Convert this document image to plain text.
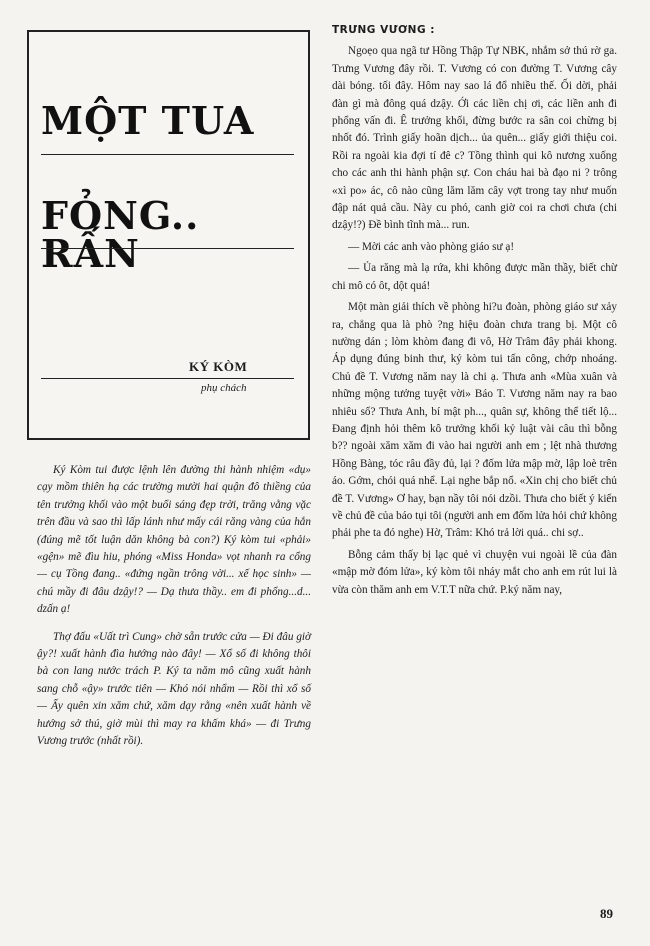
MỘT TUA
FỎNG.. RẤN
KÝ KÒM
phụ chách

Ký Kòm tui được lệnh lên đường thi hành nhiệm «dụ» cạy mồm thiên hạ các trường mười hai quận đô thiềng của tên trưởng khối vào một buổi sáng đẹp trời, trăng vằng vặc trên đầu và sao thì lấp lánh như mấy cái răng vàng của hắn (đúng mẽ tốt luận dăn không bà con?) Ký kòm tui «phải» «gện» mẽ đìu hiu, phóng «Miss Honda» vọt nhanh ra cổng — cụ Tồng đang.. «đứng ngần trông vời... xế học sinh» — chú mầy đi đâu dzậy!? — Dạ thưa thầy.. em đi phổng...d... dzấn ạ!

Thợ đấu «Uất trì Cung» chờ sẵn trước cửa — Đi đâu giờ ậy?! xuất hành đìa hướng nào đây! — Xổ số đi không thôi bà con lang nước trách P. Ký ta năm mô cũng xuất hành sang chỗ «ậy» trước tiên — Khó nói nhẩm — Rồi thì xổ số — Ấy quên xin xăm chứ, xăm dạy rằng «nên xuất hành về hướng sở thú, giờ mùi thì may ra khấm khá» — đi Trưng Vương trước (nhất rồi).

TRƯNG VƯƠNG :

Ngoẹo qua ngã tư Hồng Thập Tự NBK, nhắm sở thú rờ ga. Trưng Vương đây rồi. T. Vương có con đường T. Vương cây dài bóng. tối đây. Hôm nay sao lá đổ nhiều thế. Ối dời, phải đàn gì mà đông quá dzậy. Ới các liền chị ơi, các liền anh đi phổng vấn đi. Ê trưởng khối, đừng bước ra sân coi chừng bị nhốt đó. Trình giấy hoãn dịch... ủa quên... giấy giới thiệu coi. Rồi ra ngoài kia đợi tí đê c? Tồng thình qui kô nương xuống cho các anh thi hành phận sự. Con cháu hai bà đạo ni ? trông «xì po» ác, cô nào cũng lăm lăm cây vợt trong tay như muốn đập nát quả cầu. Này cu phó, canh giờ coi ra chơi chưa (chi dzậy!?) Đề bình tĩnh mà... run.

— Mời các anh vào phòng giáo sư ạ!

— Ủa răng mà lạ rứa, khi không được mần thầy, biết chừ chi mô có ôt, dột quá!

Một màn giải thích về phòng hi?u đoàn, phòng giáo sư xảy ra, chẳng qua là phò ?ng hiệu đoàn chưa trang bị. Một cô nường dán ; lòm khòm đang đi vô, Hờ Trâm đây phải khong. Áp dụng đúng binh thư, ký kòm tui tấn công, chớp nhoáng. Chủ đề T. Vương năm nay là chi ạ. Thưa anh «Mùa xuân và những mộng tưởng tuyệt vời» Báo T. Vương năm nay ra bao nhiêu số? Thưa Anh, bí mật ph..., quân sự, không thể tiết lộ... Đang định hỏi thêm kô trưởng khối kỷ luật vài câu thì bỗng b?? ngoài xăm xăm đi vào hai người anh em ; lệt nhà thương Hồng Bàng, tóc râu đầy đủ, lại ? đốm lửa mập mờ, lập loè trên áo. Gớm, chói quá nhể. Lại nghe bắp nổ. «Xin chị cho biết chủ đề T. Vương» Ơ hay, bạn nầy tôi nói dzồi. Thưa cho biết ý kiến về chủ đề của báo tụi tôi (người anh em đốm lửa hỏi chứ không phải phe ta đó nghe) Hờ, Trâm: Khó trả lời quá.. chi sợ..

Bỗng cảm thấy bị lạc quẻ vì chuyện vui ngoài lề của đàn «mập mờ đóm lửa», ký kòm tôi nháy mắt cho anh em rút lui là vừa còn thăm anh em V.T.T nữa chứ. P.ký năm nay,

89
